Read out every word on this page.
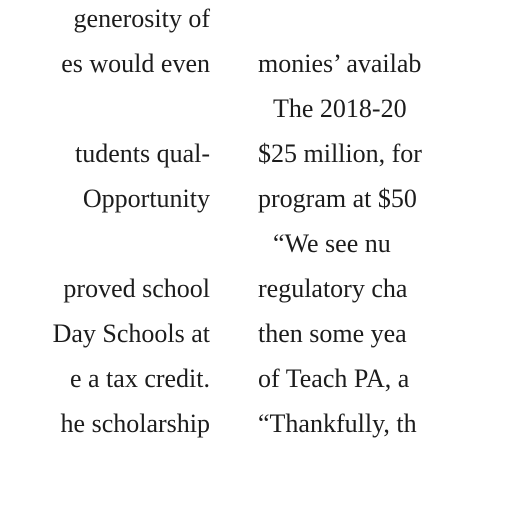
generosity of
es would even
tudents qual-
Opportunity
proved school
Day Schools at
e a tax credit.
he scholarship
monies’ availab
The 2018-20
$25 million, for
program at $50
“We see nu
regulatory cha
then some yea
of Teach PA, a
“Thankfully, th
